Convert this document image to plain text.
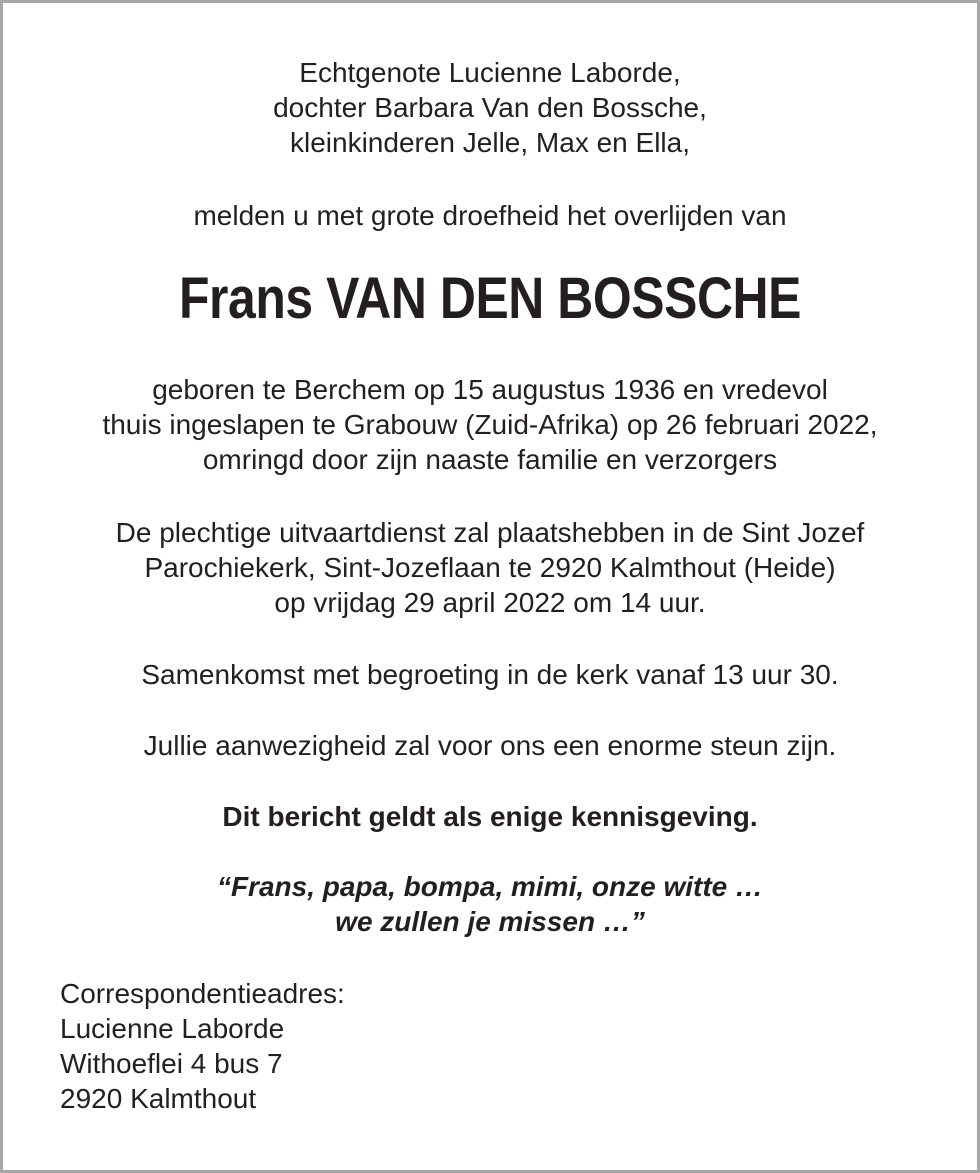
Echtgenote Lucienne Laborde,
dochter Barbara Van den Bossche,
kleinkinderen Jelle, Max en Ella,
melden u met grote droefheid het overlijden van
Frans VAN DEN BOSSCHE
geboren te Berchem op 15 augustus 1936 en vredevol
thuis ingeslapen te Grabouw (Zuid-Afrika) op 26 februari 2022,
omringd door zijn naaste familie en verzorgers
De plechtige uitvaartdienst zal plaatshebben in de Sint Jozef
Parochiekerk, Sint-Jozeflaan te 2920 Kalmthout (Heide)
op vrijdag 29 april 2022 om 14 uur.
Samenkomst met begroeting in de kerk vanaf 13 uur 30.
Jullie aanwezigheid zal voor ons een enorme steun zijn.
Dit bericht geldt als enige kennisgeving.
“Frans, papa, bompa, mimi, onze witte …
we zullen je missen …”
Correspondentieadres:
Lucienne Laborde
Withoeflei 4 bus 7
2920 Kalmthout
